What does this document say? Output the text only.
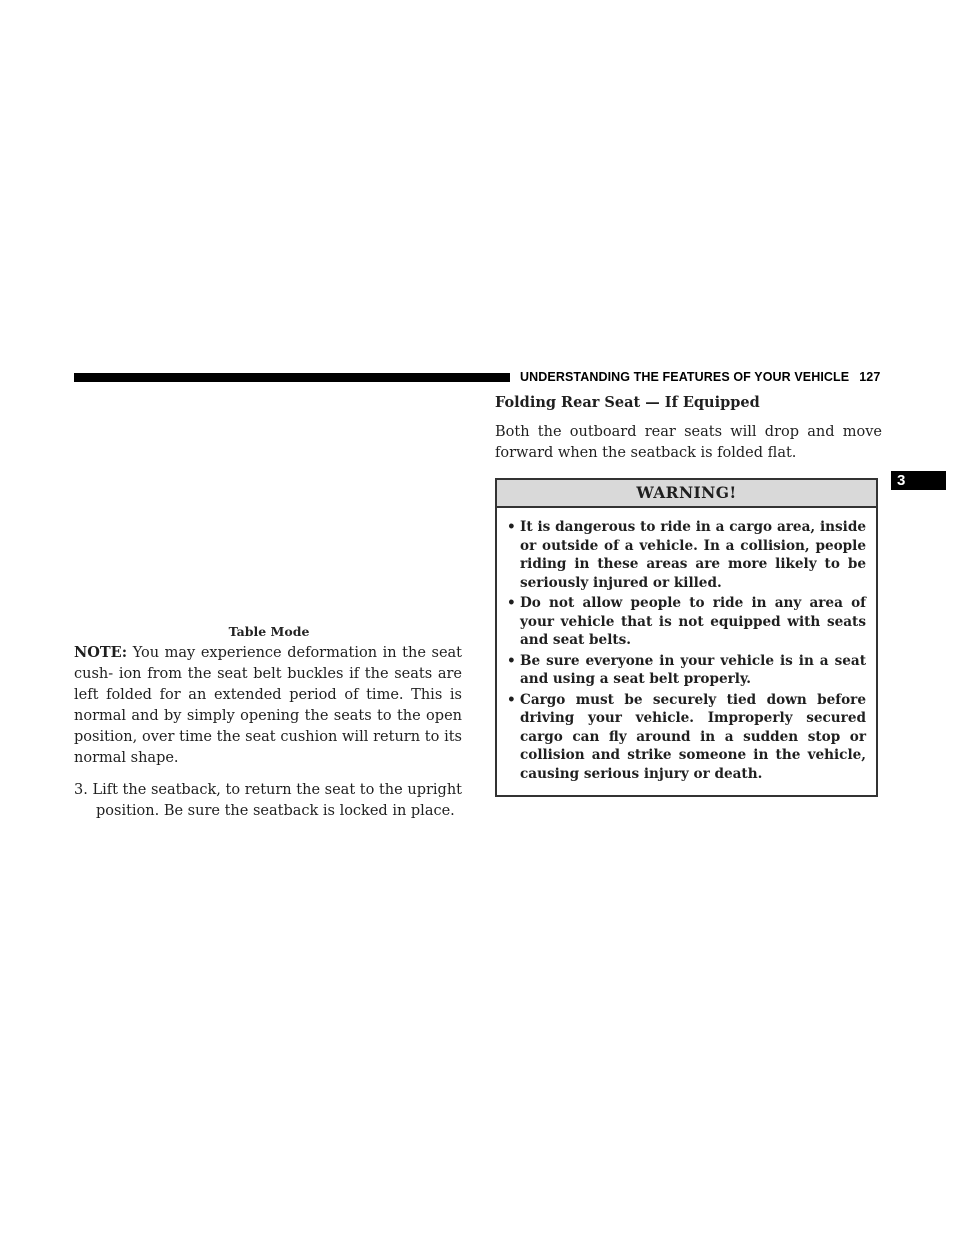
UNDERSTANDING THE FEATURES OF YOUR VEHICLE 127
3
Table Mode

NOTE: You may experience deformation in the seat cush- ion from the seat belt buckles if the seats are left folded for an extended period of time. This is normal and by simply opening the seats to the open position, over time the seat cushion will return to its normal shape.

3. Lift the seatback, to return the seat to the upright position. Be sure the seatback is locked in place.

Folding Rear Seat — If Equipped

Both the outboard rear seats will drop and move forward when the seatback is folded flat.

WARNING!
• It is dangerous to ride in a cargo area, inside or outside of a vehicle. In a collision, people riding in these areas are more likely to be seriously injured or killed.
• Do not allow people to ride in any area of your vehicle that is not equipped with seats and seat belts.
• Be sure everyone in your vehicle is in a seat and using a seat belt properly.
• Cargo must be securely tied down before driving your vehicle. Improperly secured cargo can fly around in a sudden stop or collision and strike someone in the vehicle, causing serious injury or death.
